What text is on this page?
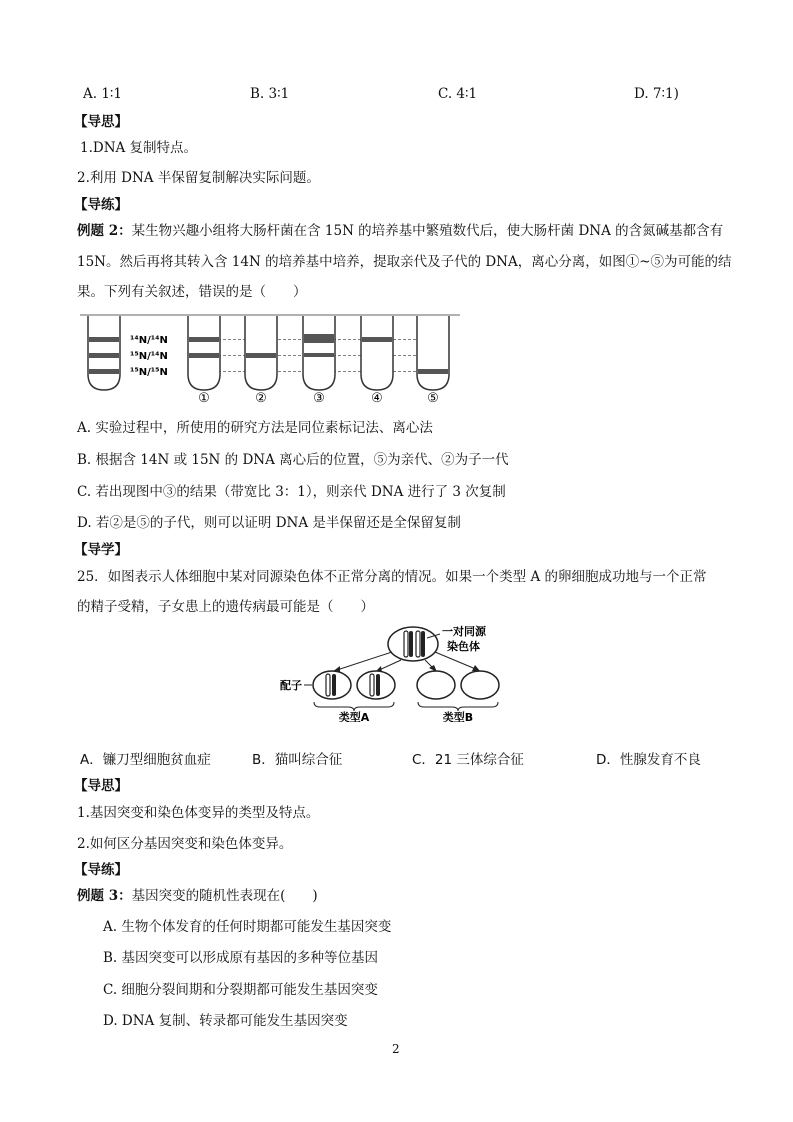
A. 1∶1	B. 3∶1	C. 4∶1	D. 7∶1)
【导思】
1.DNA 复制特点。
2.利用 DNA 半保留复制解决实际问题。
【导练】
例题 2：某生物兴趣小组将大肠杆菌在含 15N 的培养基中繁殖数代后，使大肠杆菌 DNA 的含氮碱基都含有
15N。然后再将其转入含 14N 的培养基中培养，提取亲代及子代的 DNA，离心分离，如图①~⑤为可能的结
果。下列有关叙述，错误的是（　　）
¹⁴N/¹⁴N
¹⁵N/¹⁴N
¹⁵N/¹⁵N
①	②	③	④	⑤
A. 实验过程中，所使用的研究方法是同位素标记法、离心法
B. 根据含 14N 或 15N 的 DNA 离心后的位置，⑤为亲代、②为子一代
C. 若出现图中③的结果（带宽比 3：1），则亲代 DNA 进行了 3 次复制
D. 若②是⑤的子代，则可以证明 DNA 是半保留还是全保留复制
【导学】
25．如图表示人体细胞中某对同源染色体不正常分离的情况。如果一个类型 A 的卵细胞成功地与一个正常
的精子受精，子女患上的遗传病最可能是（　　）
一对同源
染色体
配子
类型A	类型B
A．镰刀型细胞贫血症	B．猫叫综合征	C．21 三体综合征	D．性腺发育不良
【导思】
1.基因突变和染色体变异的类型及特点。
2.如何区分基因突变和染色体变异。
【导练】
例题 3：基因突变的随机性表现在(　　)
A. 生物个体发育的任何时期都可能发生基因突变
B. 基因突变可以形成原有基因的多种等位基因
C. 细胞分裂间期和分裂期都可能发生基因突变
D. DNA 复制、转录都可能发生基因突变
2
